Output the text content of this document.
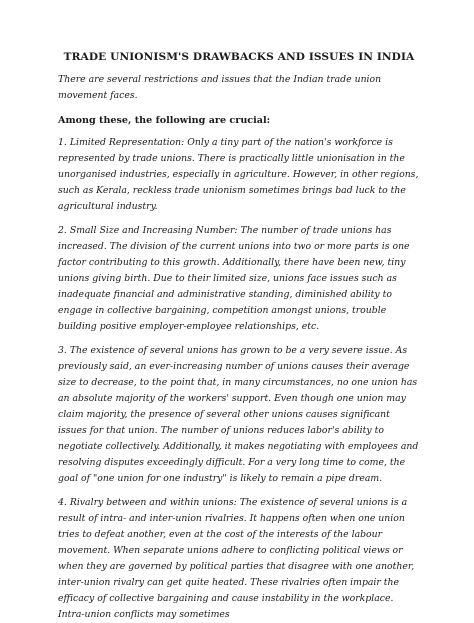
TRADE UNIONISM'S DRAWBACKS AND ISSUES IN INDIA

There are several restrictions and issues that the Indian trade union movement faces.

Among these, the following are crucial:

1. Limited Representation: Only a tiny part of the nation's workforce is represented by trade unions. There is practically little unionisation in the unorganised industries, especially in agriculture. However, in other regions, such as Kerala, reckless trade unionism sometimes brings bad luck to the agricultural industry.

2. Small Size and Increasing Number: The number of trade unions has increased. The division of the current unions into two or more parts is one factor contributing to this growth. Additionally, there have been new, tiny unions giving birth. Due to their limited size, unions face issues such as inadequate financial and administrative standing, diminished ability to engage in collective bargaining, competition amongst unions, trouble building positive employer-employee relationships, etc.

3. The existence of several unions has grown to be a very severe issue. As previously said, an ever-increasing number of unions causes their average size to decrease, to the point that, in many circumstances, no one union has an absolute majority of the workers' support. Even though one union may claim majority, the presence of several other unions causes significant issues for that union. The number of unions reduces labor's ability to negotiate collectively. Additionally, it makes negotiating with employees and resolving disputes exceedingly difficult. For a very long time to come, the goal of "one union for one industry" is likely to remain a pipe dream.

4. Rivalry between and within unions: The existence of several unions is a result of intra- and inter-union rivalries. It happens often when one union tries to defeat another, even at the cost of the interests of the labour movement. When separate unions adhere to conflicting political views or when they are governed by political parties that disagree with one another, inter-union rivalry can get quite heated. These rivalries often impair the efficacy of collective bargaining and cause instability in the workplace. Intra-union conflicts may sometimes
